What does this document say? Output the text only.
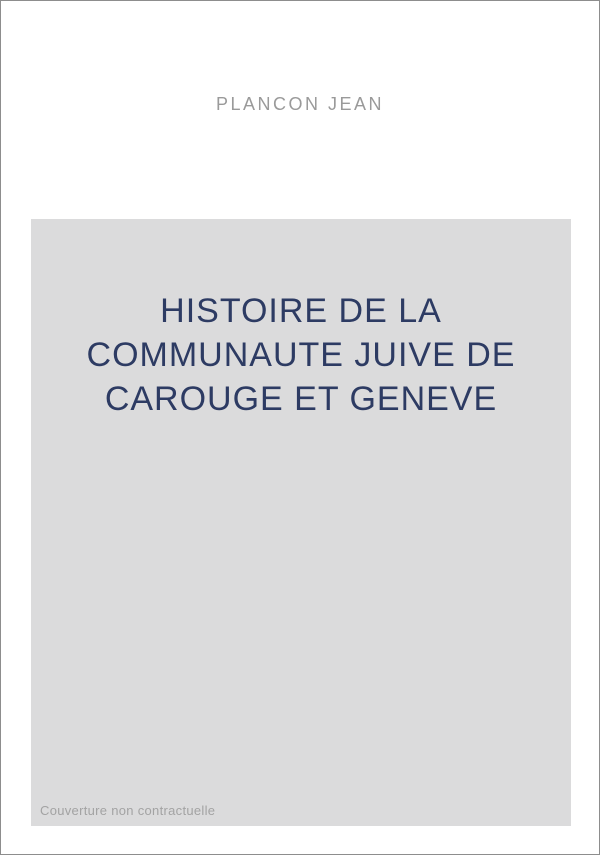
PLANCON JEAN
HISTOIRE DE LA
COMMUNAUTE JUIVE DE
CAROUGE ET GENEVE
Couverture non contractuelle
